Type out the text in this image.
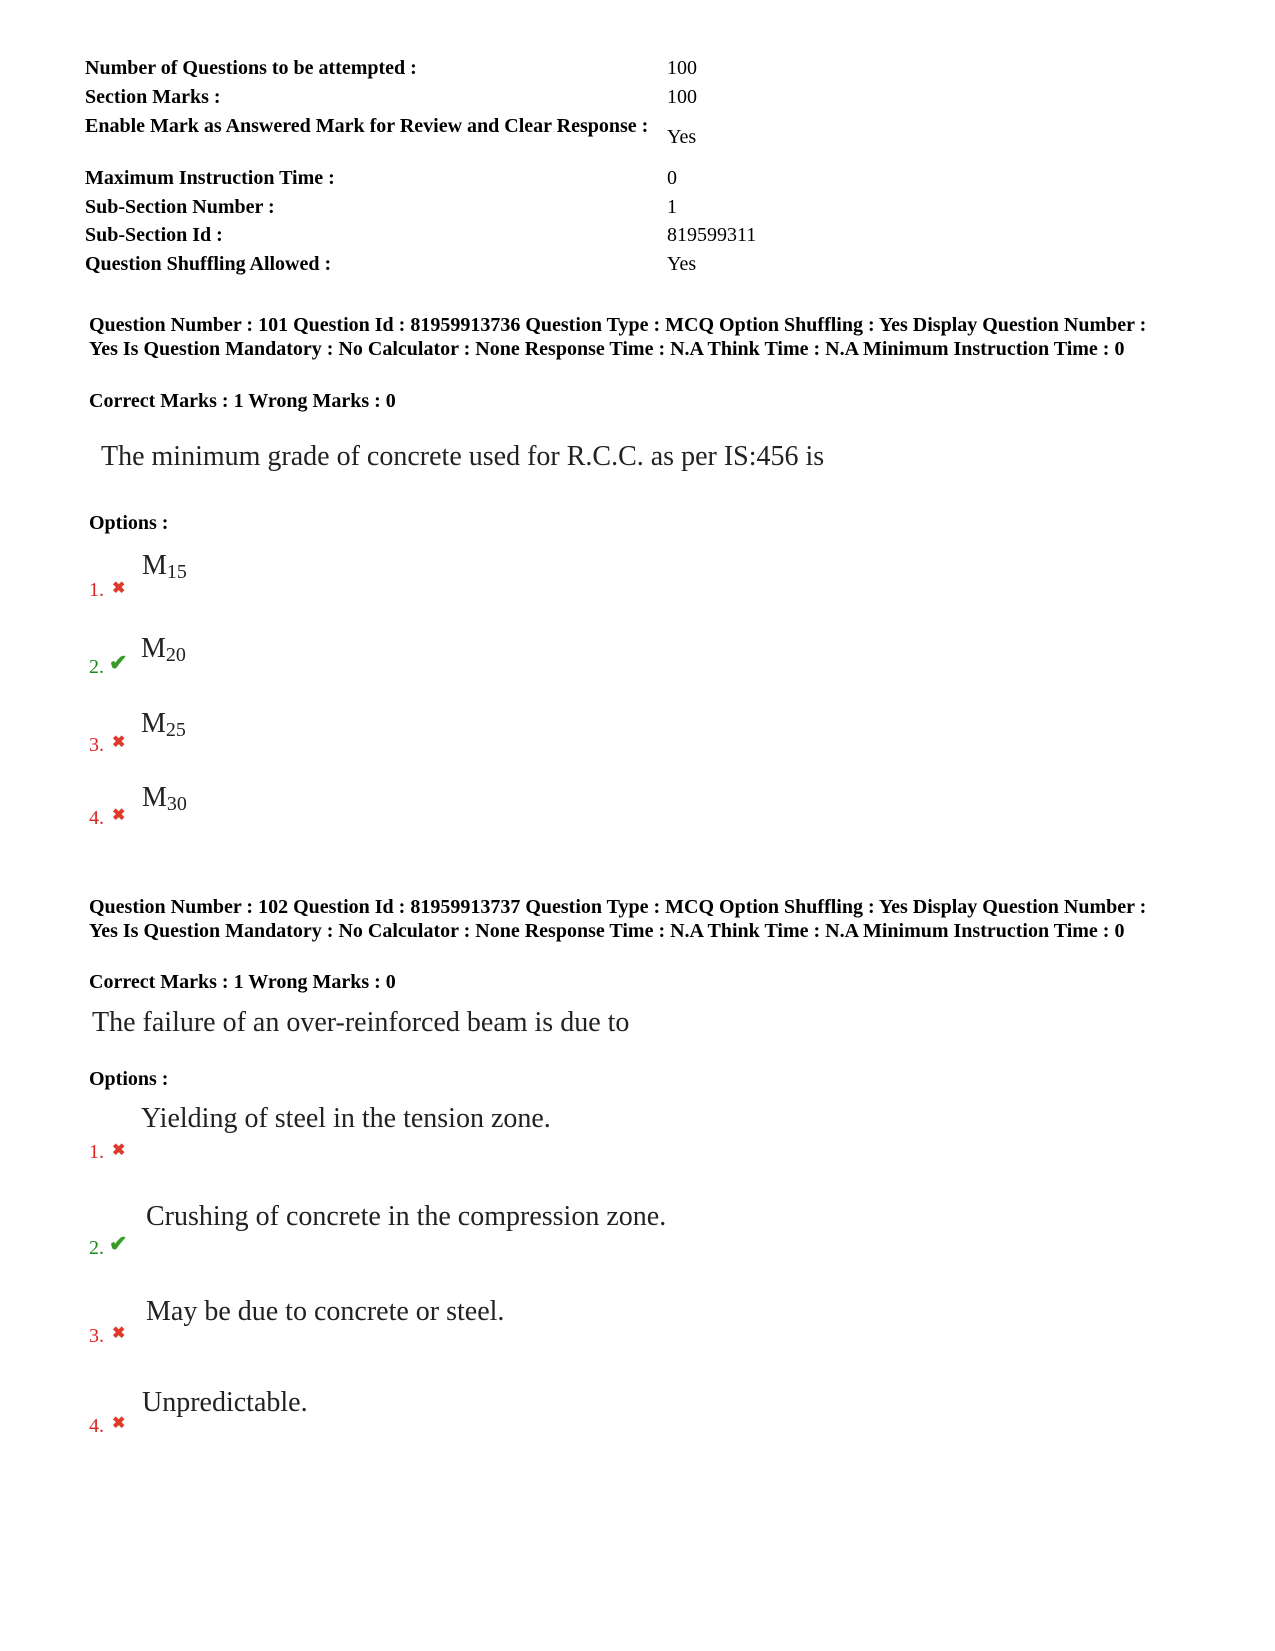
Number of Questions to be attempted :	100
Section Marks :	100
Enable Mark as Answered Mark for Review and Clear Response : Yes
Maximum Instruction Time :	0
Sub-Section Number :	1
Sub-Section Id :	819599311
Question Shuffling Allowed :	Yes
Question Number : 101 Question Id : 81959913736 Question Type : MCQ Option Shuffling : Yes Display Question Number : Yes Is Question Mandatory : No Calculator : None Response Time : N.A Think Time : N.A Minimum Instruction Time : 0
Correct Marks : 1 Wrong Marks : 0
The minimum grade of concrete used for R.C.C. as per IS:456 is
Options :
1. ✖
$M_{15}$
2. ✔ $M_{20}$
3. ✖
$M_{25}$
4. ✖
$M_{30}$
Question Number : 102 Question Id : 81959913737 Question Type : MCQ Option Shuffling : Yes Display Question Number : Yes Is Question Mandatory : No Calculator : None Response Time : N.A Think Time : N.A Minimum Instruction Time : 0
Correct Marks : 1 Wrong Marks : 0
The failure of an over-reinforced beam is due to
Options :
1. ✖
Yielding of steel in the tension zone.
2. ✔
Crushing of concrete in the compression zone.
3. ✖
May be due to concrete or steel.
4. ✖
Unpredictable.
